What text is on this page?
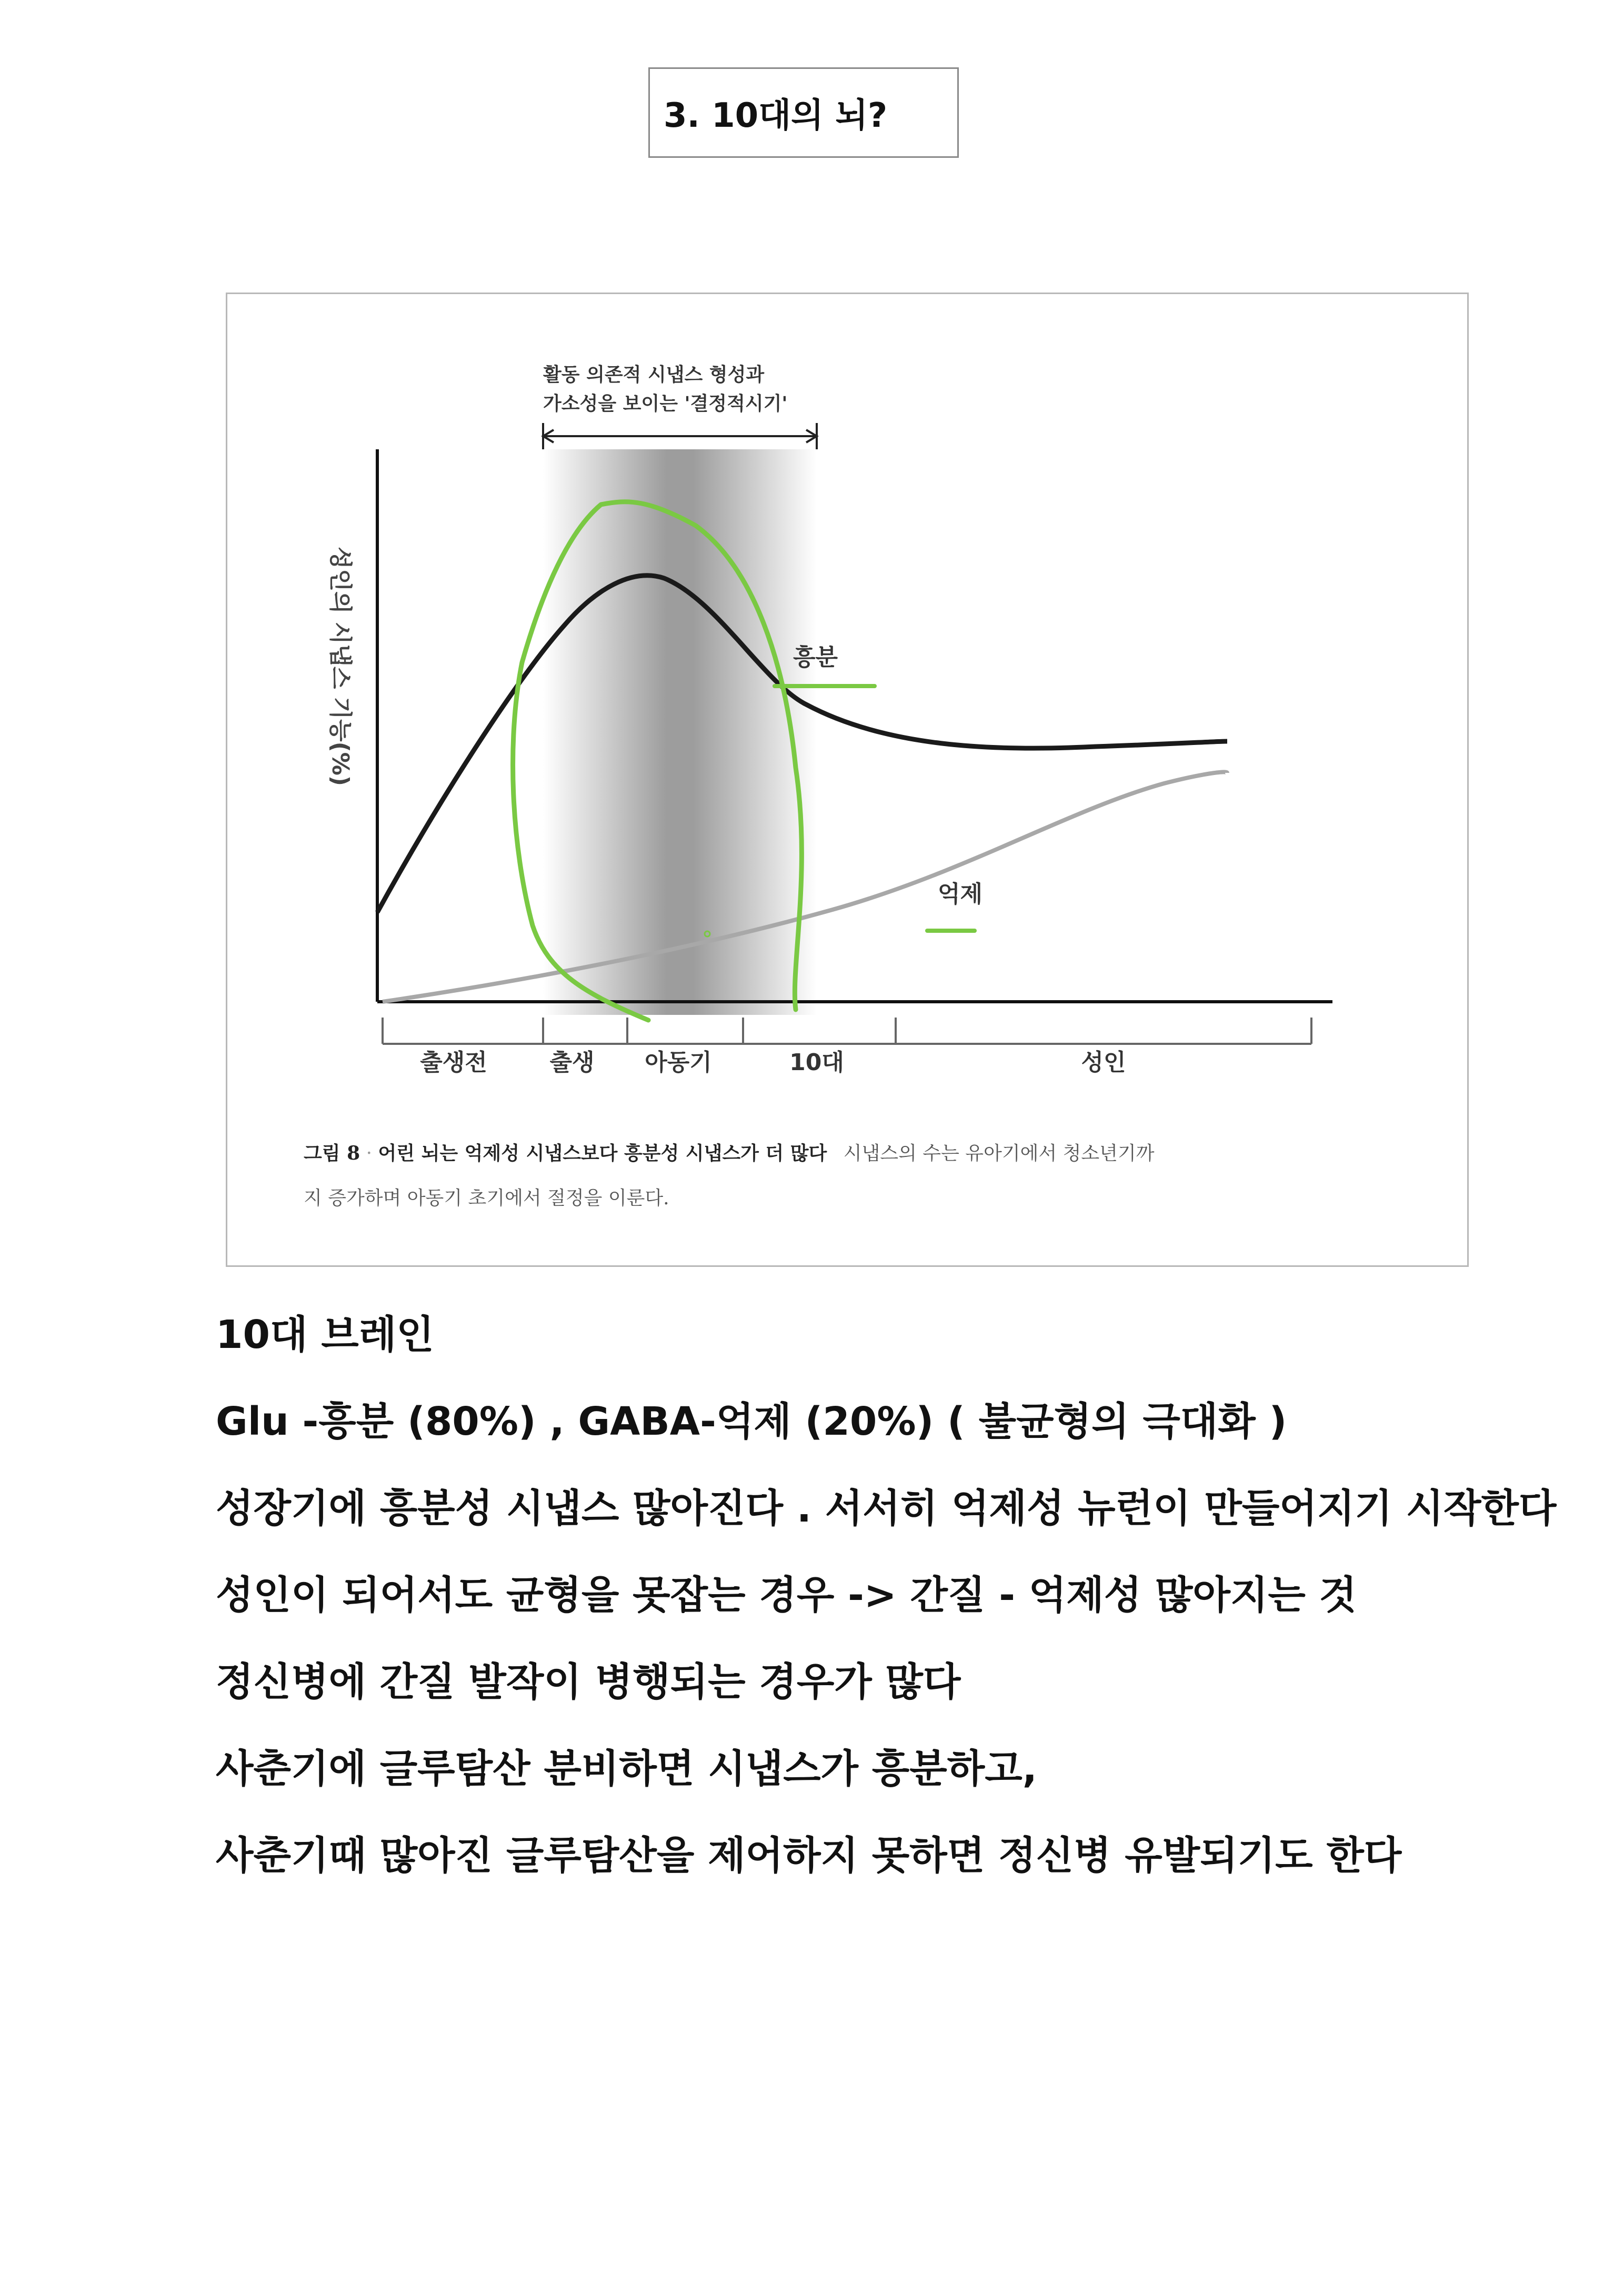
3. 10대의 뇌?
활동 의존적 시냅스 형성과
가소성을 보이는 '결정적시기'
성인의 시냅스 기능(%)	흥분
억제
출생전	출생 아동기	10대	성인
그림 8 · 어린 뇌는 억제성 시냅스보다 흥분성 시냅스가 더 많다 시냅스의 수는 유아기에서 청소년기까
지 증가하며 아동기 초기에서 절정을 이룬다.
10대 브레인
Glu -흥분 (80%) , GABA-억제 (20%) ( 불균형의 극대화 )
성장기에 흥분성 시냅스 많아진다 . 서서히 억제성 뉴런이 만들어지기 시작한다
성인이 되어서도 균형을 못잡는 경우 -> 간질 - 억제성 많아지는 것
정신병에 간질 발작이 병행되는 경우가 많다
사춘기에 글루탐산 분비하면 시냅스가 흥분하고,
사춘기때 많아진 글루탐산을 제어하지 못하면 정신병 유발되기도 한다
